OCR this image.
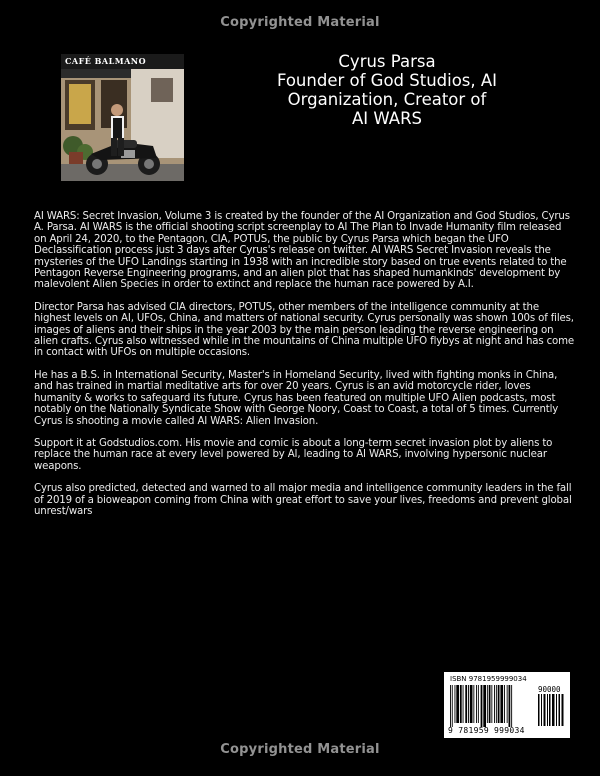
Copyrighted Material
CAFÉ BALMANO	Cyrus Parsa
Founder of God Studios, AI
Organization, Creator of
AI WARS

AI WARS: Secret Invasion, Volume 3 is created by the founder of the AI Organization and God Studios, Cyrus A. Parsa. AI WARS is the official shooting script screenplay to AI The Plan to Invade Humanity film released on April 24, 2020, to the Pentagon, CIA, POTUS, the public by Cyrus Parsa which began the UFO Declassification process just 3 days after Cyrus's release on twitter. AI WARS Secret Invasion reveals the mysteries of the UFO Landings starting in 1938 with an incredible story based on true events related to the Pentagon Reverse Engineering programs, and an alien plot that has shaped humankinds' development by malevolent Alien Species in order to extinct and replace the human race powered by A.I.

Director Parsa has advised CIA directors, POTUS, other members of the intelligence community at the highest levels on AI, UFOs, China, and matters of national security. Cyrus personally was shown 100s of files, images of aliens and their ships in the year 2003 by the main person leading the reverse engineering on alien crafts. Cyrus also witnessed while in the mountains of China multiple UFO flybys at night and has come in contact with UFOs on multiple occasions.

He has a B.S. in International Security, Master's in Homeland Security, lived with fighting monks in China, and has trained in martial meditative arts for over 20 years. Cyrus is an avid motorcycle rider, loves humanity & works to safeguard its future. Cyrus has been featured on multiple UFO Alien podcasts, most notably on the Nationally Syndicate Show with George Noory, Coast to Coast, a total of 5 times. Currently Cyrus is shooting a movie called AI WARS: Alien Invasion.

Support it at Godstudios.com. His movie and comic is about a long-term secret invasion plot by aliens to replace the human race at every level powered by AI, leading to AI WARS, involving hypersonic nuclear weapons.

Cyrus also predicted, detected and warned to all major media and intelligence community leaders in the fall of 2019 of a bioweapon coming from China with great effort to save your lives, freedoms and prevent global unrest/wars

ISBN 9781959999034
90000
9 781959 999034
Copyrighted Material
